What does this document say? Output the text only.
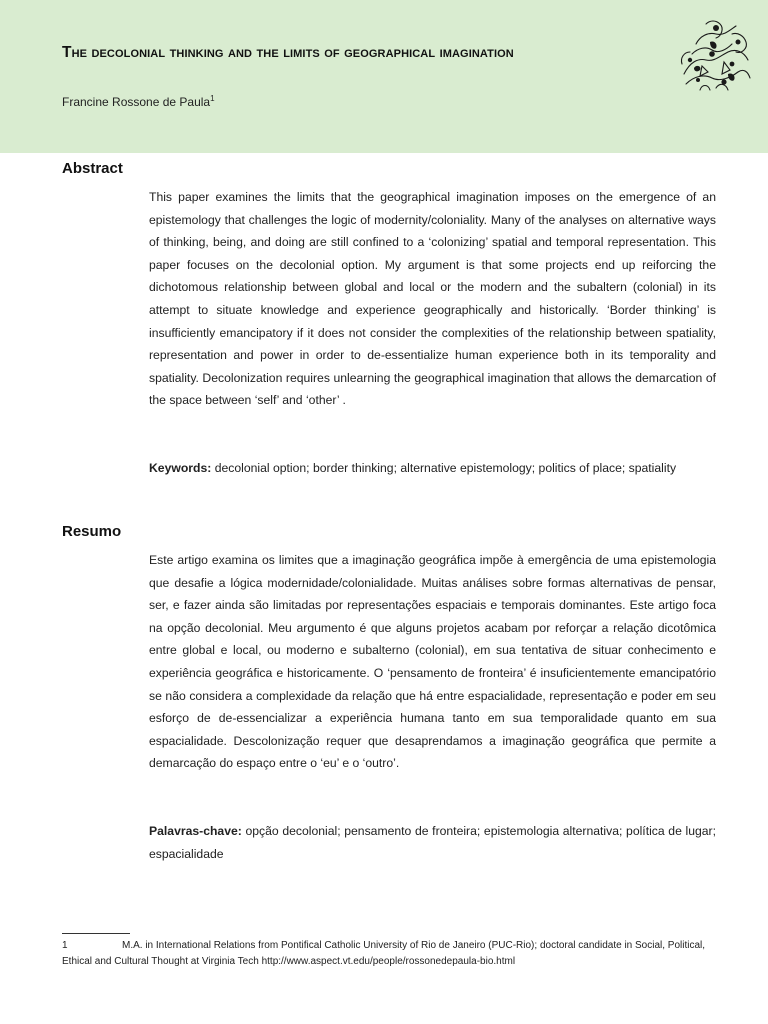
The decolonial thinking and the limits of geographical imagination
Francine Rossone de Paula$^1$
Abstract

This paper examines the limits that the geographical imagination imposes on the emergence of an epistemology that challenges the logic of modernity/coloniality. Many of the analyses on alternative ways of thinking, being, and doing are still confined to a ‘colonizing’ spatial and temporal representation. This paper focuses on the decolonial option. My argument is that some projects end up reiforcing the dichotomous relationship between global and local or the modern and the subaltern (colonial) in its attempt to situate knowledge and experience geographically and historically. ‘Border thinking’ is insufficiently emancipatory if it does not consider the complexities of the relationship between spatiality, representation and power in order to de-essentialize human experience both in its temporality and spatiality. Decolonization requires unlearning the geographical imagination that allows the demarcation of the space between ‘self’ and ‘other’ .

Keywords: decolonial option; border thinking; alternative epistemology; politics of place; spatiality

Resumo

Este artigo examina os limites que a imaginação geográfica impõe à emergência de uma epistemologia que desafie a lógica modernidade/colonialidade. Muitas análises sobre formas alternativas de pensar, ser, e fazer ainda são limitadas por representações espaciais e temporais dominantes. Este artigo foca na opção decolonial. Meu argumento é que alguns projetos acabam por reforçar a relação dicotômica entre global e local, ou moderno e subalterno (colonial), em sua tentativa de situar conhecimento e experiência geográfica e historicamente. O ‘pensamento de fronteira’ é insuficientemente emancipatório se não considera a complexidade da relação que há entre espacialidade, representação e poder em seu esforço de de-essencializar a experiência humana tanto em sua temporalidade quanto em sua espacialidade. Descolonização requer que desaprendamos a imaginação geográfica que permite a demarcação do espaço entre o ‘eu’ e o ‘outro’.

Palavras-chave: opção decolonial; pensamento de fronteira; epistemologia alternativa; política de lugar; espacialidade

1	M.A. in International Relations from Pontifical Catholic University of Rio de Janeiro (PUC-Rio); doctoral candidate in Social, Political, Ethical and Cultural Thought at Virginia Tech http://www.aspect.vt.edu/people/rossonedepaula-bio.html
